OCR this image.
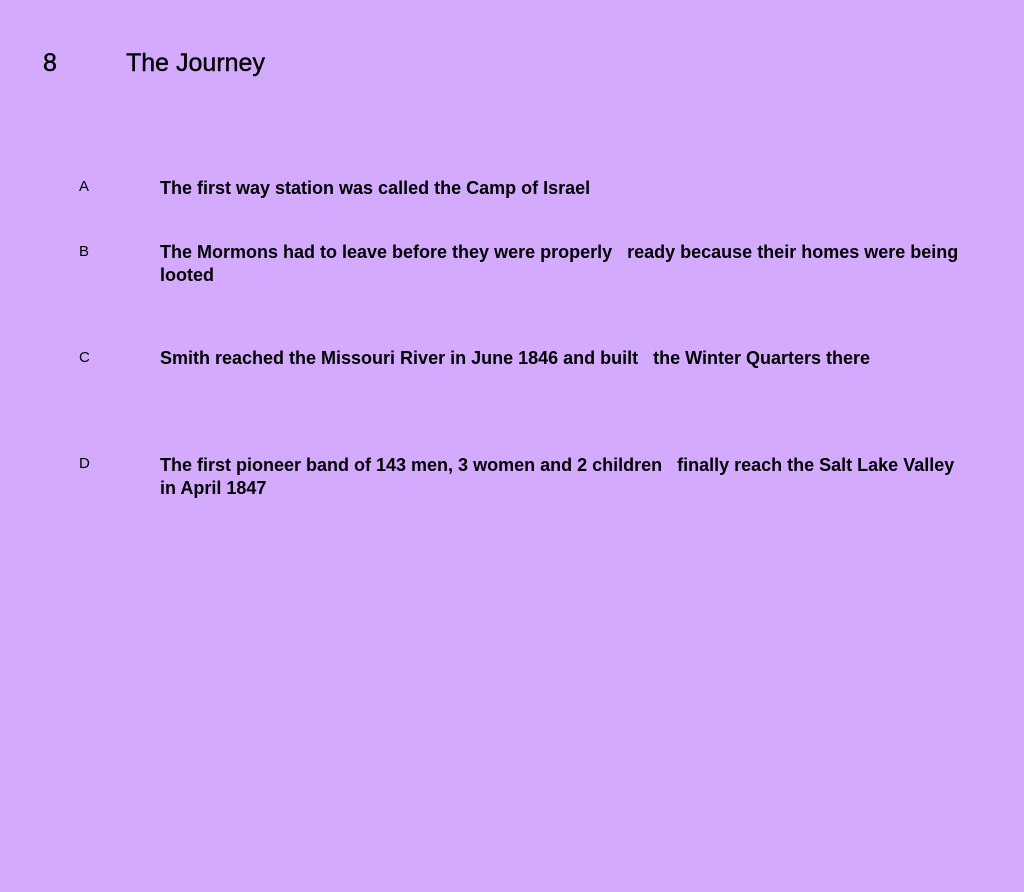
8	The Journey
A	The first way station was called the Camp of Israel
B	The Mormons had to leave before they were properly   ready because their homes were being looted
C	Smith reached the Missouri River in June 1846 and built   the Winter Quarters there
D	The first pioneer band of 143 men, 3 women and 2 children   finally reach the Salt Lake Valley in April 1847
